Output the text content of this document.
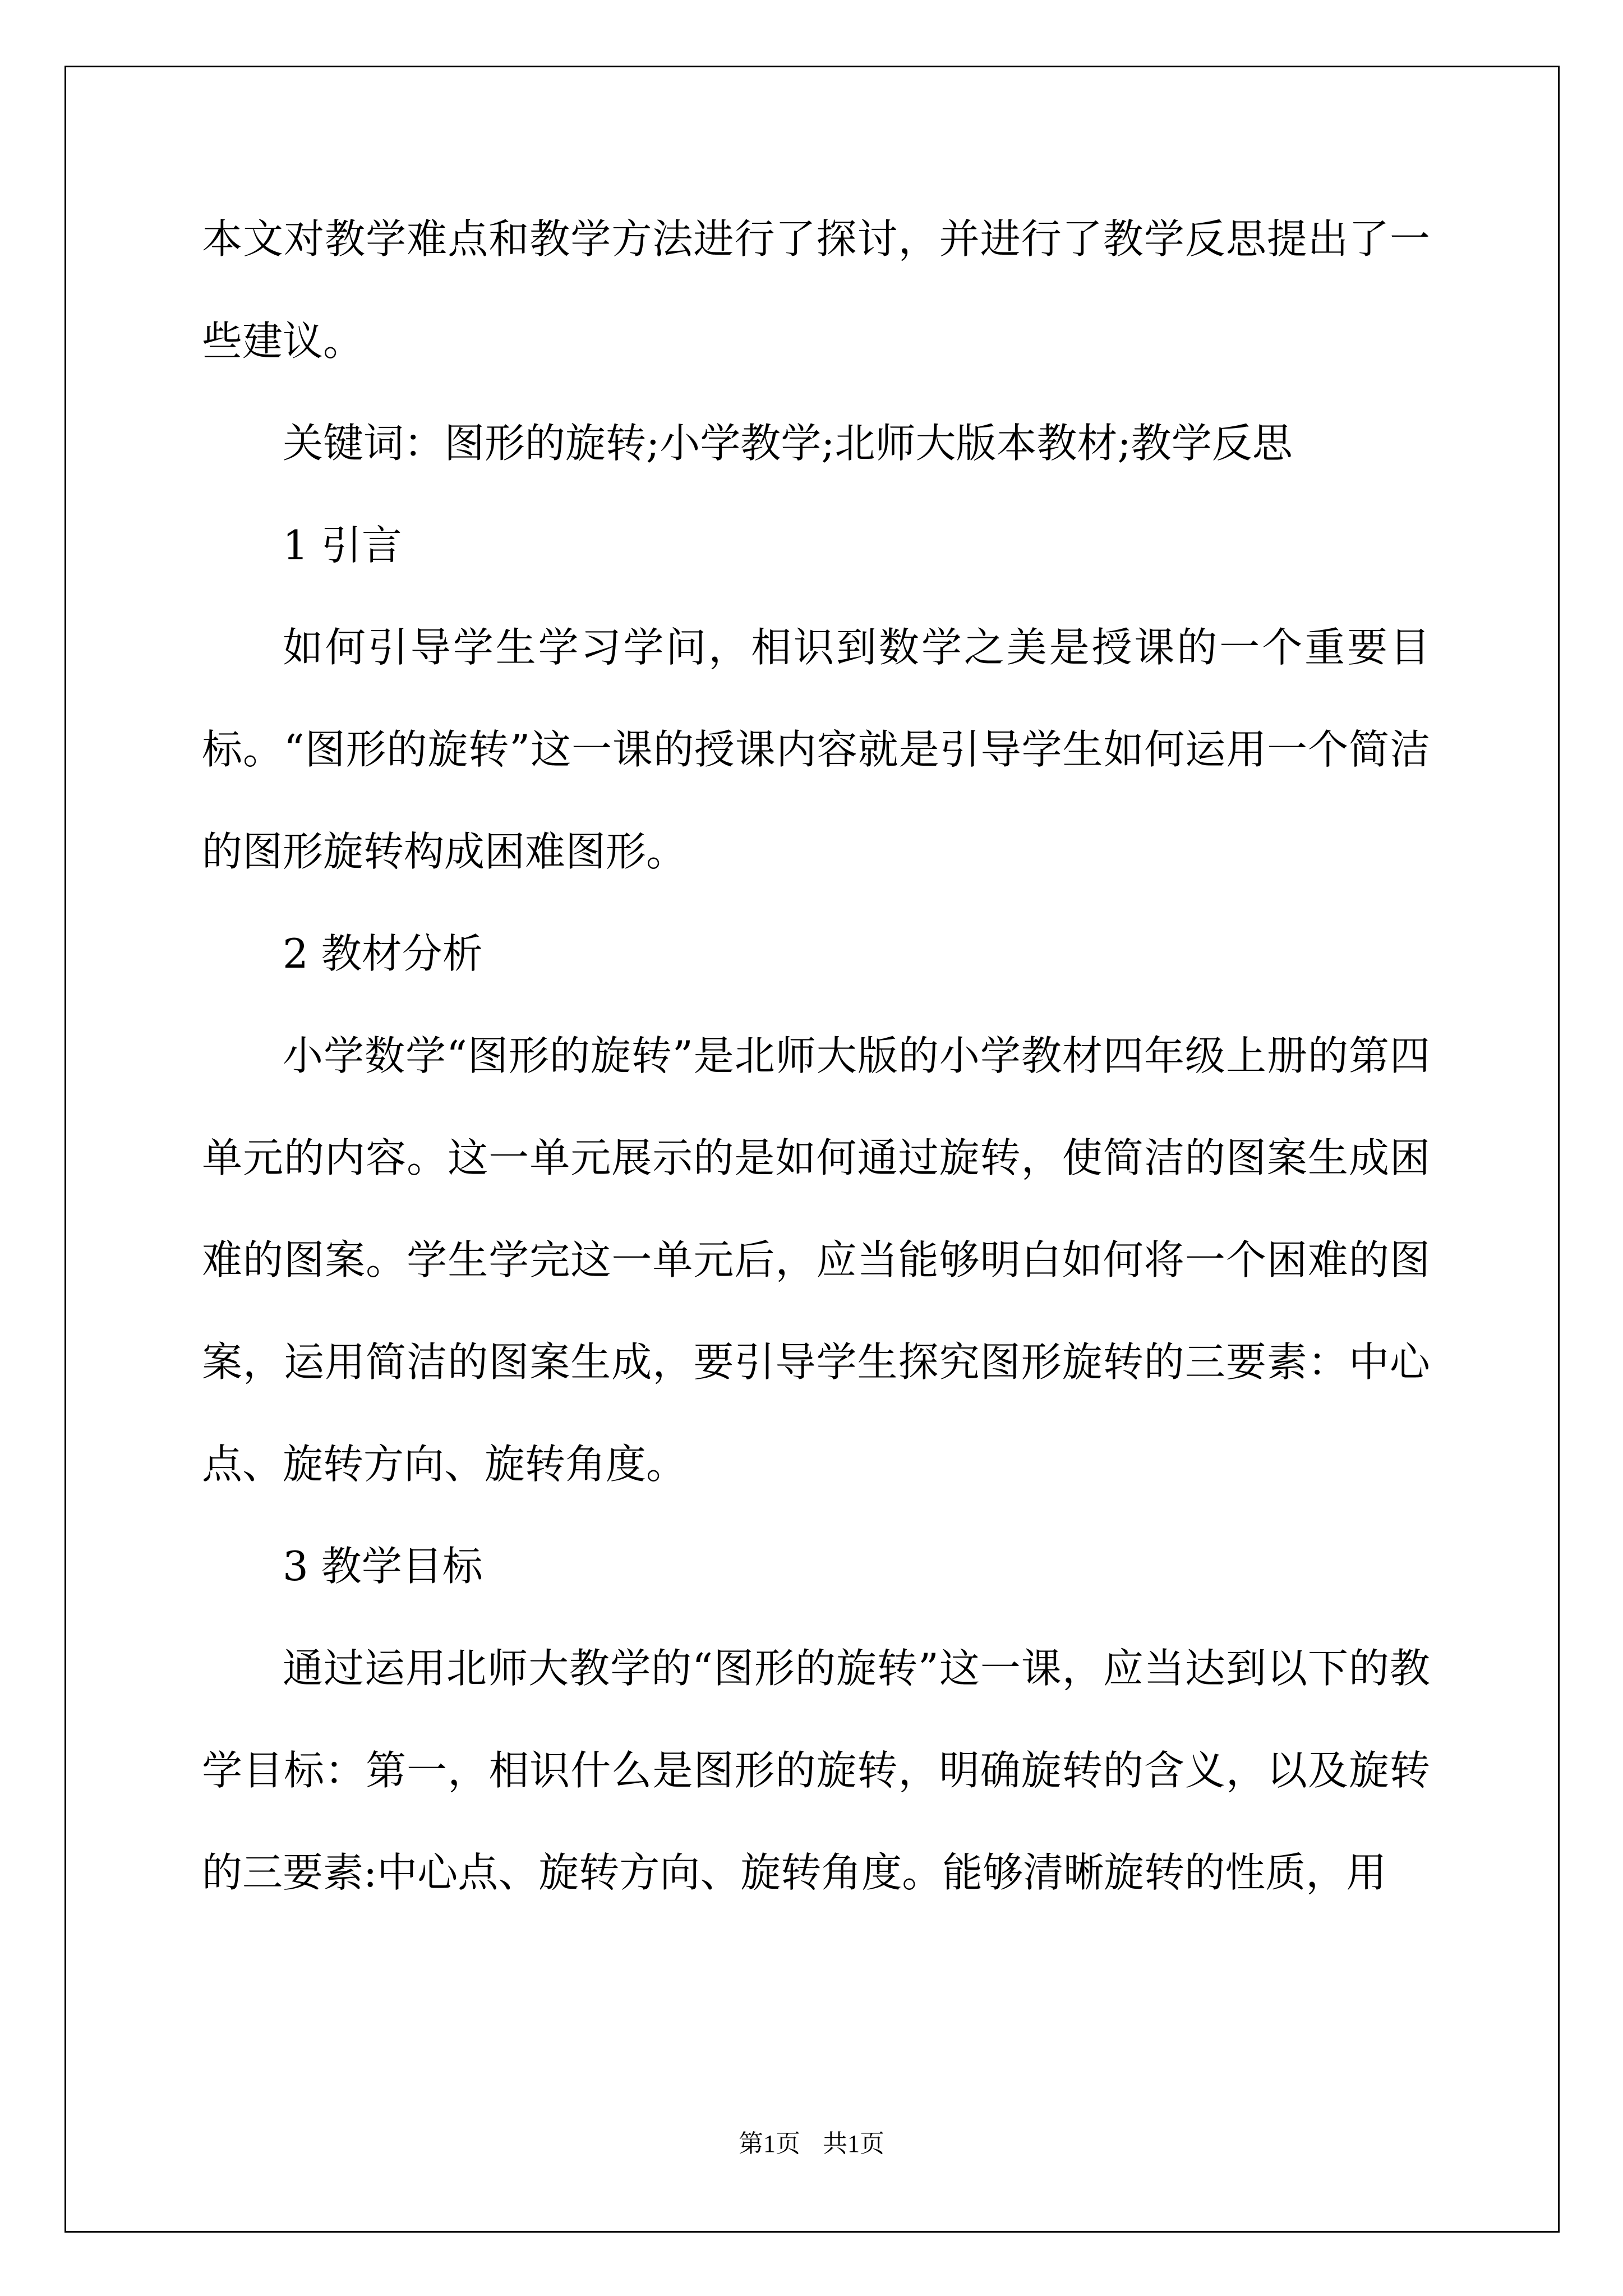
本文对教学难点和教学方法进行了探讨，并进行了教学反思提出了一些建议。

关键词：图形的旋转;小学教学;北师大版本教材;教学反思

1 引言

如何引导学生学习学问，相识到数学之美是授课的一个重要目标。“图形的旋转”这一课的授课内容就是引导学生如何运用一个简洁的图形旋转构成困难图形。

2 教材分析

小学数学“图形的旋转”是北师大版的小学教材四年级上册的第四单元的内容。这一单元展示的是如何通过旋转，使简洁的图案生成困难的图案。学生学完这一单元后，应当能够明白如何将一个困难的图案，运用简洁的图案生成，要引导学生探究图形旋转的三要素：中心点、旋转方向、旋转角度。

3 教学目标

通过运用北师大教学的“图形的旋转”这一课，应当达到以下的教学目标：第一，相识什么是图形的旋转，明确旋转的含义，以及旋转的三要素:中心点、旋转方向、旋转角度。能够清晰旋转的性质，用

第1页 共1页
